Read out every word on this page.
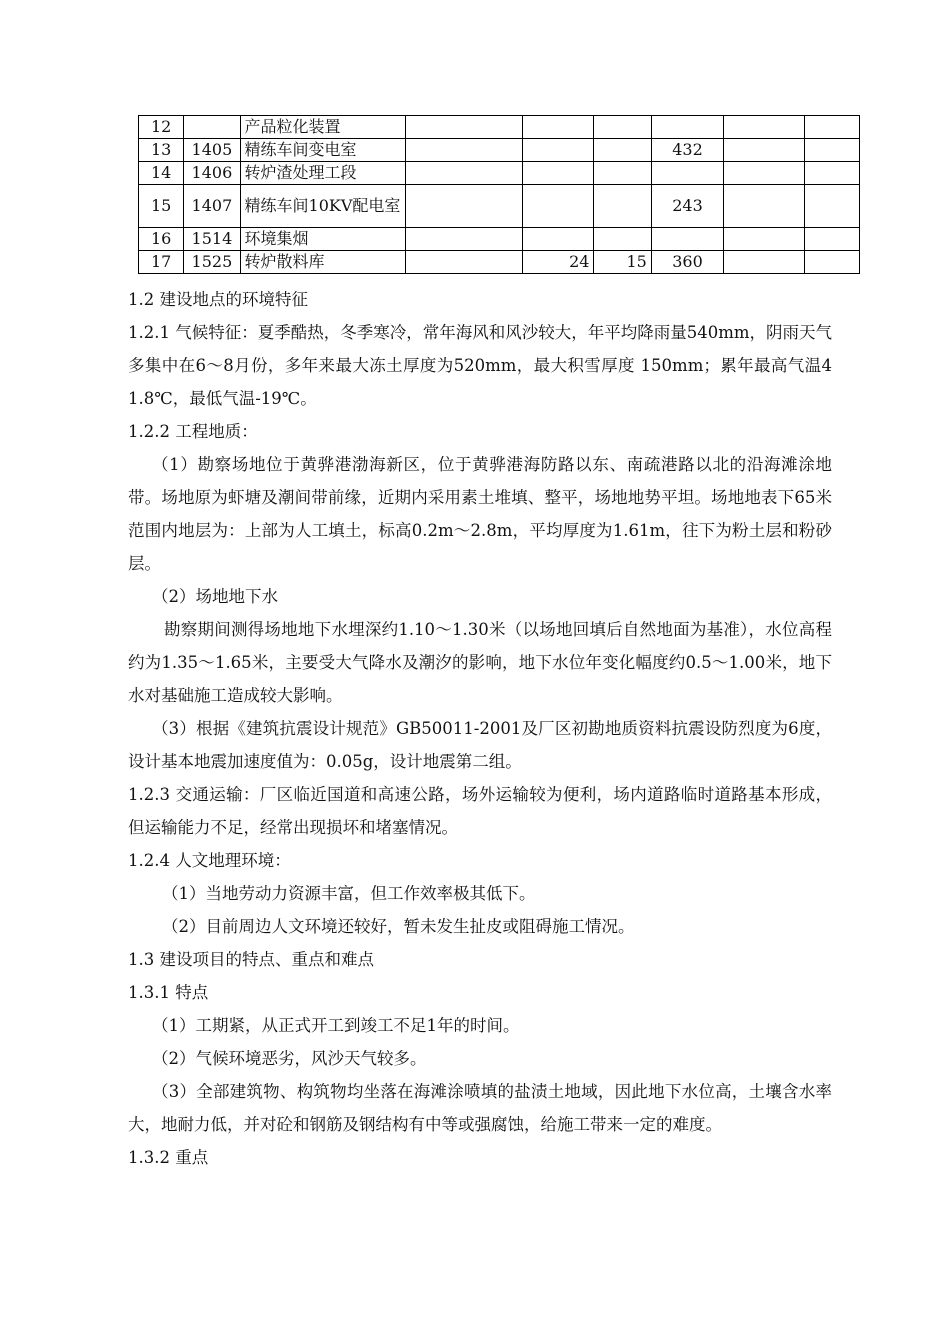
12		产品粒化装置						
13	1405	精练车间变电室				432		
14	1406	转炉渣处理工段						
15	1407	精练车间10KV配电室				243		
16	1514	环境集烟						
17	1525	转炉散料库		24	15	360		

1.2 建设地点的环境特征

1.2.1 气候特征：夏季酷热，冬季寒冷，常年海风和风沙较大，年平均降雨量540mm，阴雨天气多集中在6～8月份，多年来最大冻土厚度为520mm，最大积雪厚度 150mm；累年最高气温41.8℃，最低气温-19℃。

1.2.2 工程地质：

（1）勘察场地位于黄骅港渤海新区，位于黄骅港海防路以东、南疏港路以北的沿海滩涂地带。场地原为虾塘及潮间带前缘，近期内采用素土堆填、整平，场地地势平坦。场地地表下65米范围内地层为：上部为人工填土，标高0.2m～2.8m，平均厚度为1.61m，往下为粉土层和粉砂层。

（2）场地地下水

勘察期间测得场地地下水埋深约1.10～1.30米（以场地回填后自然地面为基准），水位高程约为1.35～1.65米，主要受大气降水及潮汐的影响，地下水位年变化幅度约0.5～1.00米，地下水对基础施工造成较大影响。

（3）根据《建筑抗震设计规范》GB50011-2001及厂区初勘地质资料抗震设防烈度为6度，设计基本地震加速度值为：0.05g，设计地震第二组。

1.2.3 交通运输：厂区临近国道和高速公路，场外运输较为便利，场内道路临时道路基本形成，但运输能力不足，经常出现损坏和堵塞情况。

1.2.4 人文地理环境：

（1）当地劳动力资源丰富，但工作效率极其低下。

（2）目前周边人文环境还较好，暂未发生扯皮或阻碍施工情况。

1.3 建设项目的特点、重点和难点

1.3.1 特点

（1）工期紧，从正式开工到竣工不足1年的时间。

（2）气候环境恶劣，风沙天气较多。

（3）全部建筑物、构筑物均坐落在海滩涂喷填的盐渍土地域，因此地下水位高，土壤含水率大，地耐力低，并对砼和钢筋及钢结构有中等或强腐蚀，给施工带来一定的难度。

1.3.2 重点
